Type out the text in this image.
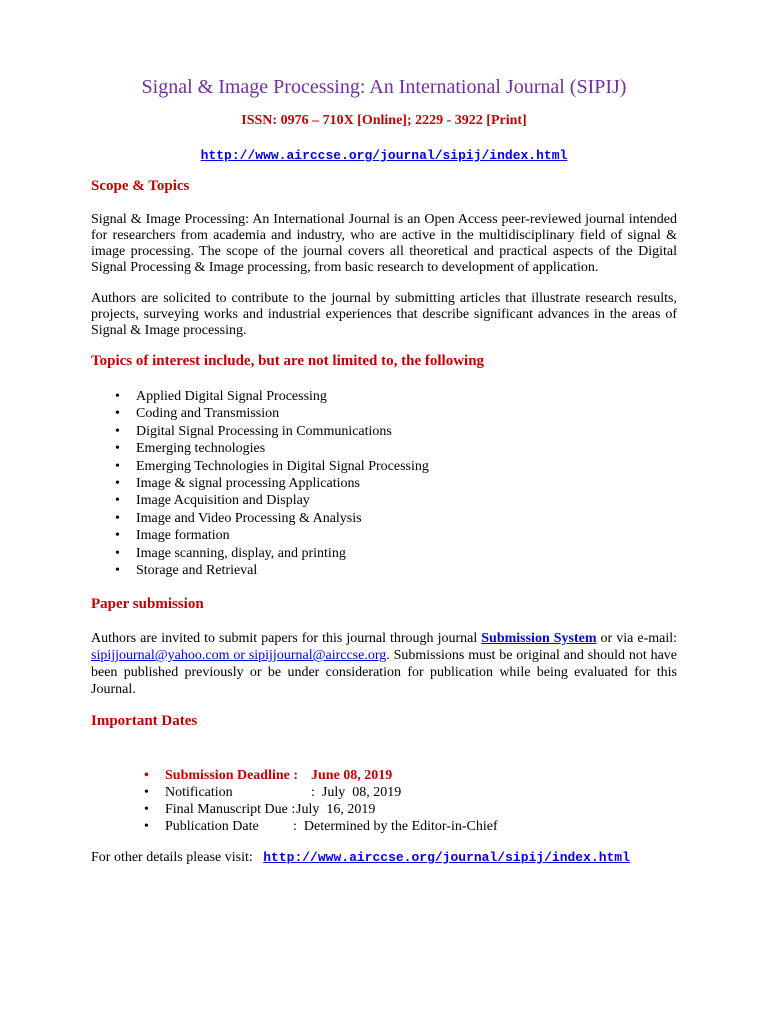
Signal & Image Processing: An International Journal (SIPIJ)
ISSN: 0976 – 710X [Online]; 2229 - 3922 [Print]
http://www.airccse.org/journal/sipij/index.html
Scope & Topics
Signal & Image Processing: An International Journal is an Open Access peer-reviewed journal intended for researchers from academia and industry, who are active in the multidisciplinary field of signal & image processing. The scope of the journal covers all theoretical and practical aspects of the Digital Signal Processing & Image processing, from basic research to development of application.
Authors are solicited to contribute to the journal by submitting articles that illustrate research results, projects, surveying works and industrial experiences that describe significant advances in the areas of Signal & Image processing.
Topics of interest include, but are not limited to, the following
• Applied Digital Signal Processing
• Coding and Transmission
• Digital Signal Processing in Communications
• Emerging technologies
• Emerging Technologies in Digital Signal Processing
• Image & signal processing Applications
• Image Acquisition and Display
• Image and Video Processing & Analysis
• Image formation
• Image scanning, display, and printing
• Storage and Retrieval
Paper submission
Authors are invited to submit papers for this journal through journal Submission System or via e-mail: sipijjournal@yahoo.com or sipijjournal@airccse.org. Submissions must be original and should not have been published previously or be under consideration for publication while being evaluated for this Journal.
Important Dates
• Submission Deadline : June 08, 2019
• Notification	:  July  08, 2019
• Final Manuscript Due :July  16, 2019
• Publication Date :  Determined by the Editor-in-Chief
For other details please visit: http://www.airccse.org/journal/sipij/index.html
